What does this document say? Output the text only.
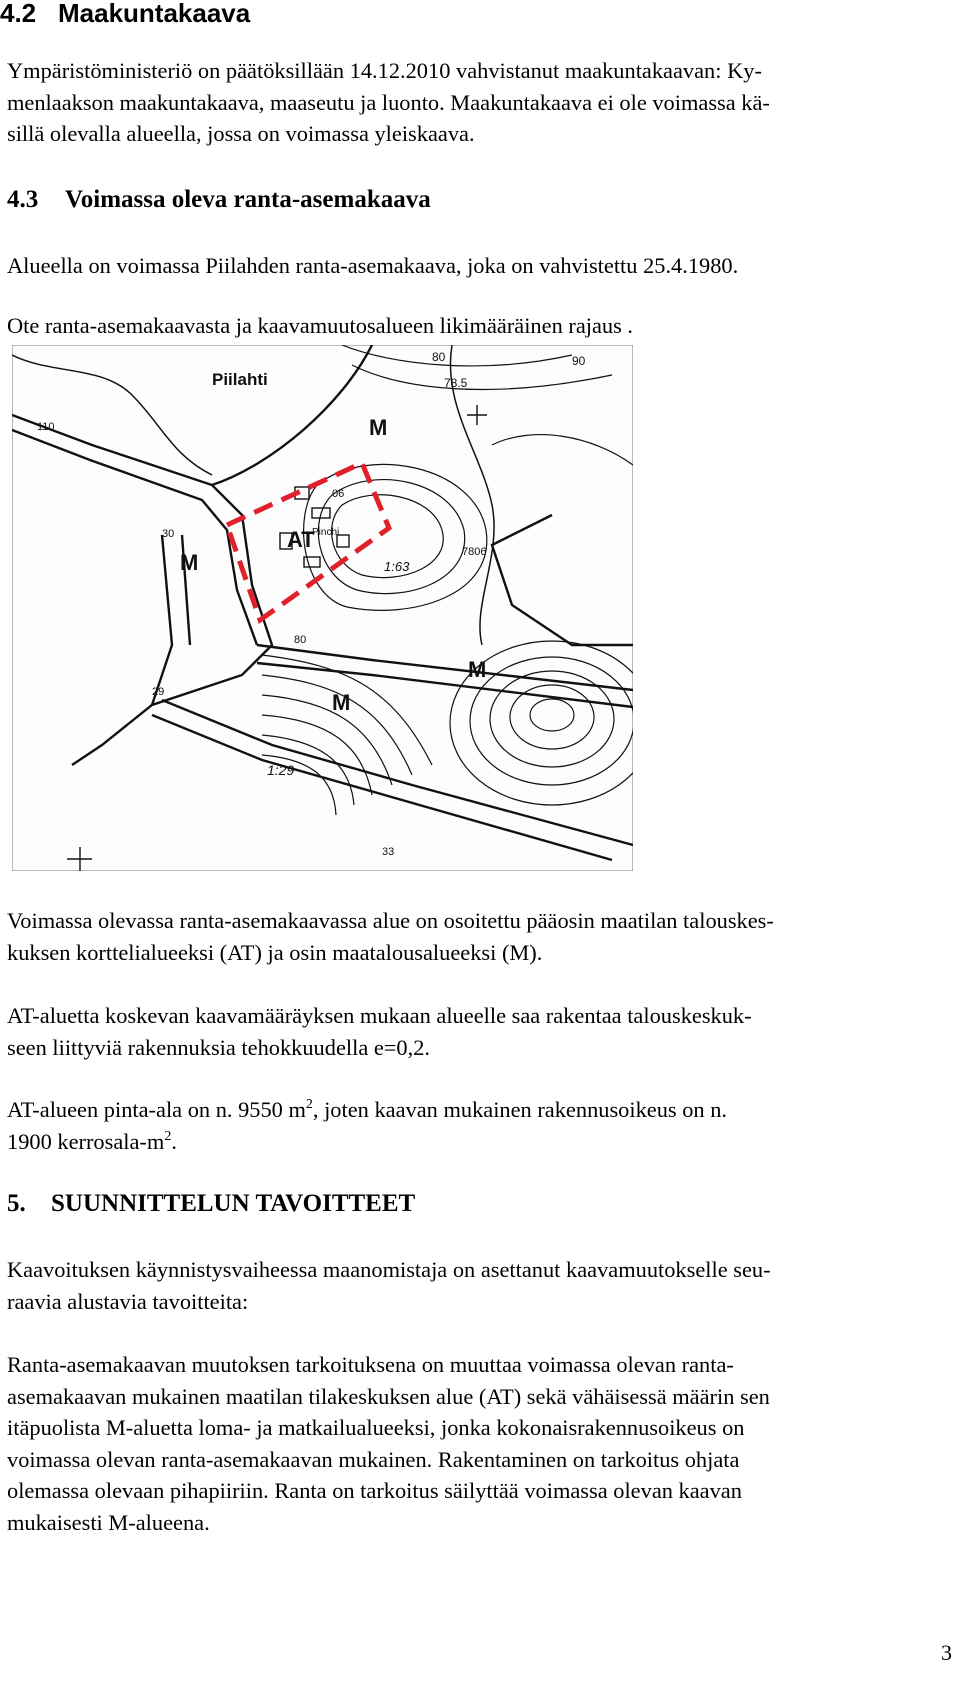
4.2 Maakuntakaava
Ympäristöministeriö on päätöksillään 14.12.2010 vahvistanut maakuntakaavan: Ky-
menlaakson maakuntakaava, maaseutu ja luonto. Maakuntakaava ei ole voimassa kä-
sillä olevalla alueella, jossa on voimassa yleiskaava.
4.3 Voimassa oleva ranta-asemakaava
Alueella on voimassa Piilahden ranta-asemakaava, joka on vahvistettu 25.4.1980.
Ote ranta-asemakaavasta ja kaavamuutosalueen likimääräinen rajaus .
Piilahti
AT
Pinchi
M
M
M
M
80
78.5
90
06
1:63
30
29
1:29
33
80
7806
110
Voimassa olevassa ranta-asemakaavassa alue on osoitettu pääosin maatilan talouskes-
kuksen korttelialueeksi (AT) ja osin maatalousalueeksi (M).
AT-aluetta koskevan kaavamääräyksen mukaan alueelle saa rakentaa talouskeskuk-
seen liittyviä rakennuksia tehokkuudella e=0,2.
AT-alueen pinta-ala on n. 9550 $m^2$, joten kaavan mukainen rakennusoikeus on n.
1900 kerrosala-$m^2$.
5. SUUNNITTELUN TAVOITTEET
Kaavoituksen käynnistysvaiheessa maanomistaja on asettanut kaavamuutokselle seu-
raavia alustavia tavoitteita:
Ranta-asemakaavan muutoksen tarkoituksena on muuttaa voimassa olevan ranta-
asemakaavan mukainen maatilan tilakeskuksen alue (AT) sekä vähäisessä määrin sen
itäpuolista M-aluetta loma- ja matkailualueeksi, jonka kokonaisrakennusoikeus on
voimassa olevan ranta-asemakaavan mukainen. Rakentaminen on tarkoitus ohjata
olemassa olevaan pihapiiriin. Ranta on tarkoitus säilyttää voimassa olevan kaavan
mukaisesti M-alueena.
3
